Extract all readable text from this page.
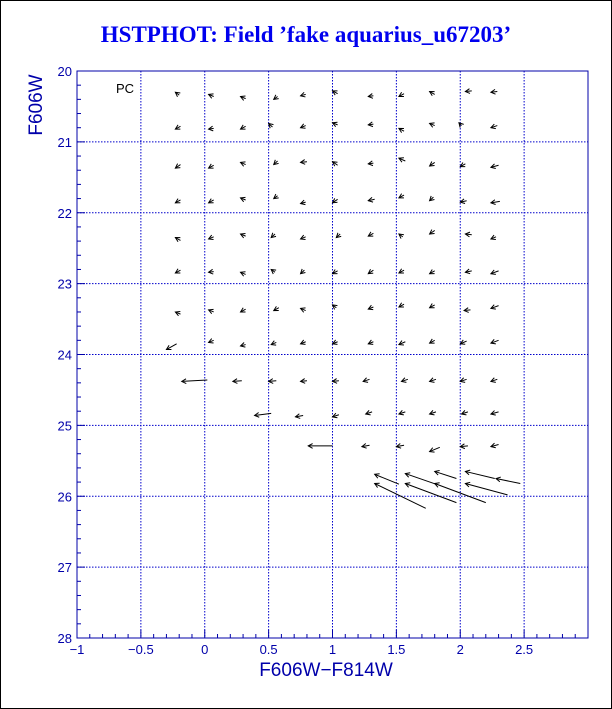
HSTPHOT: Field ’fake aquarius_u67203’
−1	−0.5	0	0.5	1	1.5	2	2.5
20
21
22
23
24
25
26
27
28
F606W−F814W
F606W	PC
